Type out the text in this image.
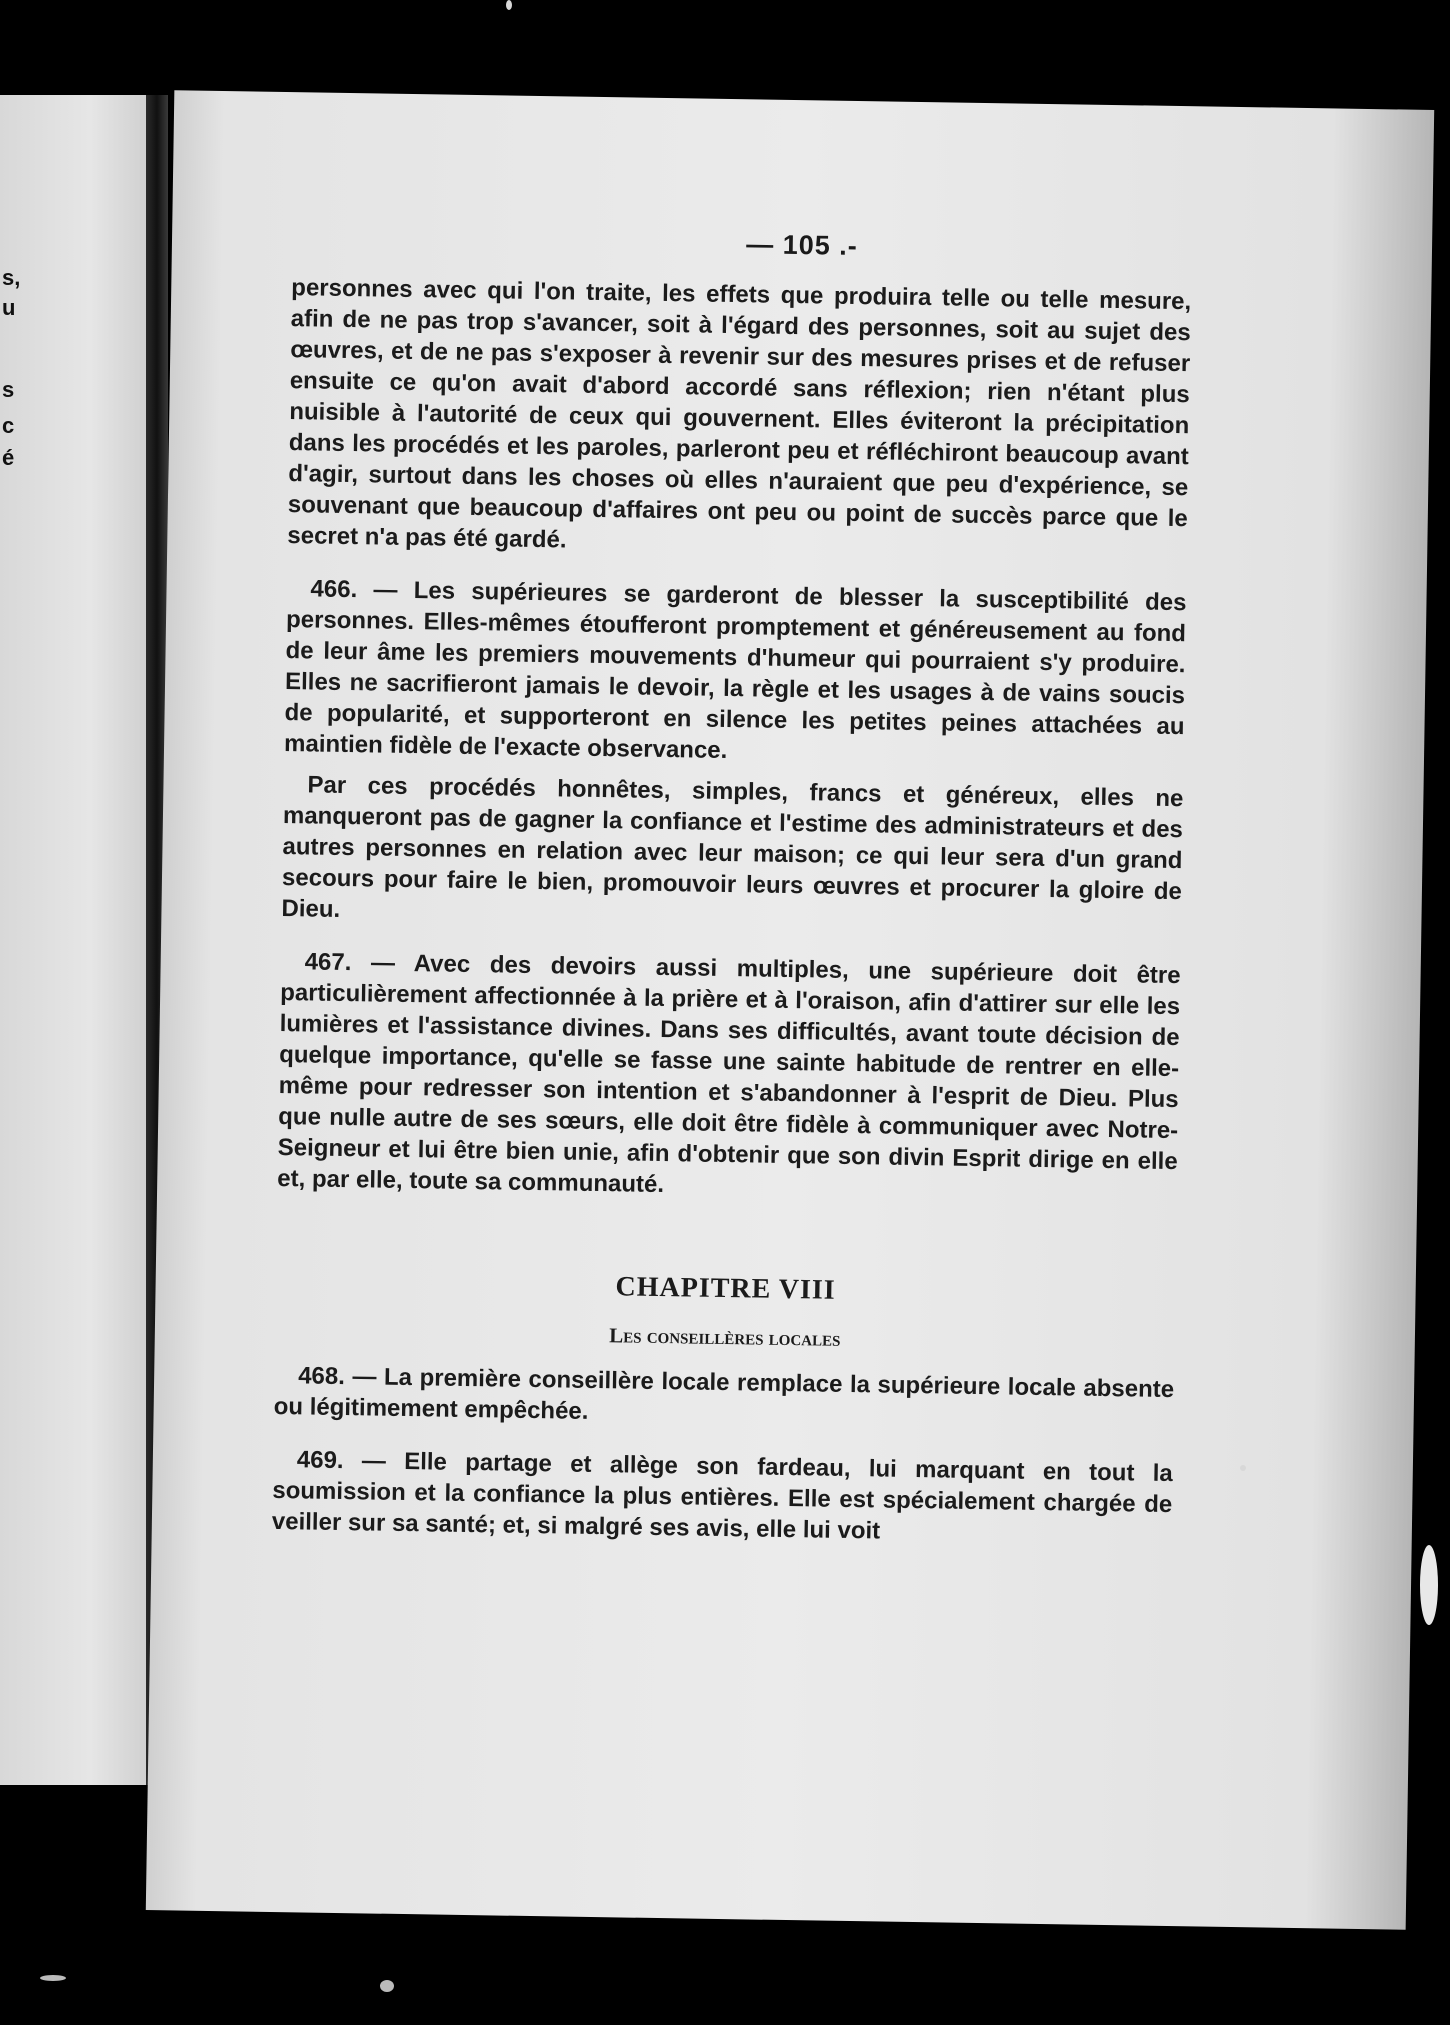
s,
u
s
c
é
— 105 .-

personnes avec qui l'on traite, les effets que produira telle ou telle mesure, afin de ne pas trop s'avancer, soit à l'égard des personnes, soit au sujet des œuvres, et de ne pas s'exposer à revenir sur des mesures prises et de refuser ensuite ce qu'on avait d'abord accordé sans réflexion; rien n'étant plus nuisible à l'autorité de ceux qui gouvernent. Elles éviteront la précipitation dans les procédés et les paroles, parleront peu et réfléchiront beaucoup avant d'agir, surtout dans les choses où elles n'auraient que peu d'expérience, se souvenant que beaucoup d'affaires ont peu ou point de succès parce que le secret n'a pas été gardé.

466. — Les supérieures se garderont de blesser la susceptibilité des personnes. Elles-mêmes étoufferont promptement et généreusement au fond de leur âme les premiers mouvements d'humeur qui pourraient s'y produire. Elles ne sacrifieront jamais le devoir, la règle et les usages à de vains soucis de popularité, et supporteront en silence les petites peines attachées au maintien fidèle de l'exacte observance.

Par ces procédés honnêtes, simples, francs et généreux, elles ne manqueront pas de gagner la confiance et l'estime des administrateurs et des autres personnes en relation avec leur maison; ce qui leur sera d'un grand secours pour faire le bien, promouvoir leurs œuvres et procurer la gloire de Dieu.

467. — Avec des devoirs aussi multiples, une supérieure doit être particulièrement affectionnée à la prière et à l'oraison, afin d'attirer sur elle les lumières et l'assistance divines. Dans ses difficultés, avant toute décision de quelque importance, qu'elle se fasse une sainte habitude de rentrer en elle-même pour redresser son intention et s'abandonner à l'esprit de Dieu. Plus que nulle autre de ses sœurs, elle doit être fidèle à communiquer avec Notre-Seigneur et lui être bien unie, afin d'obtenir que son divin Esprit dirige en elle et, par elle, toute sa communauté.

CHAPITRE VIII
Les conseillères locales

468. — La première conseillère locale remplace la supérieure locale absente ou légitimement empêchée.

469. — Elle partage et allège son fardeau, lui marquant en tout la soumission et la confiance la plus entières. Elle est spécialement chargée de veiller sur sa santé; et, si malgré ses avis, elle lui voit
